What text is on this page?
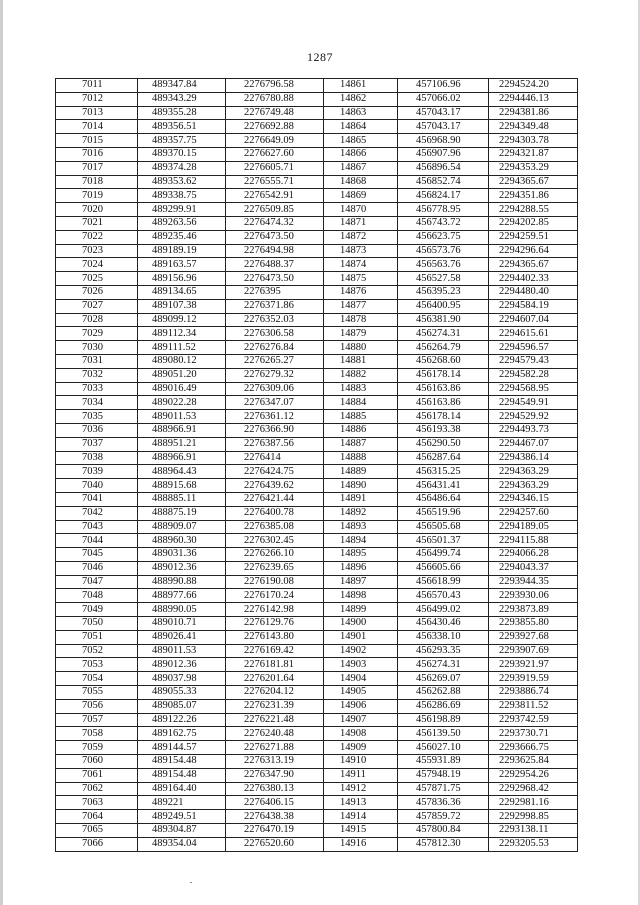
1287
7011	489347.84	2276796.58	14861	457106.96	2294524.20
7012	489343.29	2276780.88	14862	457066.02	2294446.13
7013	489355.28	2276749.48	14863	457043.17	2294381.86
7014	489356.51	2276692.88	14864	457043.17	2294349.48
7015	489357.75	2276649.09	14865	456968.90	2294303.78
7016	489370.15	2276627.60	14866	456907.96	2294321.87
7017	489374.28	2276605.71	14867	456896.54	2294353.29
7018	489353.62	2276555.71	14868	456852.74	2294365.67
7019	489338.75	2276542.91	14869	456824.17	2294351.86
7020	489299.91	2276509.85	14870	456778.95	2294288.55
7021	489263.56	2276474.32	14871	456743.72	2294202.85
7022	489235.46	2276473.50	14872	456623.75	2294259.51
7023	489189.19	2276494.98	14873	456573.76	2294296.64
7024	489163.57	2276488.37	14874	456563.76	2294365.67
7025	489156.96	2276473.50	14875	456527.58	2294402.33
7026	489134.65	2276395	14876	456395.23	2294480.40
7027	489107.38	2276371.86	14877	456400.95	2294584.19
7028	489099.12	2276352.03	14878	456381.90	2294607.04
7029	489112.34	2276306.58	14879	456274.31	2294615.61
7030	489111.52	2276276.84	14880	456264.79	2294596.57
7031	489080.12	2276265.27	14881	456268.60	2294579.43
7032	489051.20	2276279.32	14882	456178.14	2294582.28
7033	489016.49	2276309.06	14883	456163.86	2294568.95
7034	489022.28	2276347.07	14884	456163.86	2294549.91
7035	489011.53	2276361.12	14885	456178.14	2294529.92
7036	488966.91	2276366.90	14886	456193.38	2294493.73
7037	488951.21	2276387.56	14887	456290.50	2294467.07
7038	488966.91	2276414	14888	456287.64	2294386.14
7039	488964.43	2276424.75	14889	456315.25	2294363.29
7040	488915.68	2276439.62	14890	456431.41	2294363.29
7041	488885.11	2276421.44	14891	456486.64	2294346.15
7042	488875.19	2276400.78	14892	456519.96	2294257.60
7043	488909.07	2276385.08	14893	456505.68	2294189.05
7044	488960.30	2276302.45	14894	456501.37	2294115.88
7045	489031.36	2276266.10	14895	456499.74	2294066.28
7046	489012.36	2276239.65	14896	456605.66	2294043.37
7047	488990.88	2276190.08	14897	456618.99	2293944.35
7048	488977.66	2276170.24	14898	456570.43	2293930.06
7049	488990.05	2276142.98	14899	456499.02	2293873.89
7050	489010.71	2276129.76	14900	456430.46	2293855.80
7051	489026.41	2276143.80	14901	456338.10	2293927.68
7052	489011.53	2276169.42	14902	456293.35	2293907.69
7053	489012.36	2276181.81	14903	456274.31	2293921.97
7054	489037.98	2276201.64	14904	456269.07	2293919.59
7055	489055.33	2276204.12	14905	456262.88	2293886.74
7056	489085.07	2276231.39	14906	456286.69	2293811.52
7057	489122.26	2276221.48	14907	456198.89	2293742.59
7058	489162.75	2276240.48	14908	456139.50	2293730.71
7059	489144.57	2276271.88	14909	456027.10	2293666.75
7060	489154.48	2276313.19	14910	455931.89	2293625.84
7061	489154.48	2276347.90	14911	457948.19	2292954.26
7062	489164.40	2276380.13	14912	457871.75	2292968.42
7063	489221	2276406.15	14913	457836.36	2292981.16
7064	489249.51	2276438.38	14914	457859.72	2292998.85
7065	489304.87	2276470.19	14915	457800.84	2293138.11
7066	489354.04	2276520.60	14916	457812.30	2293205.53
